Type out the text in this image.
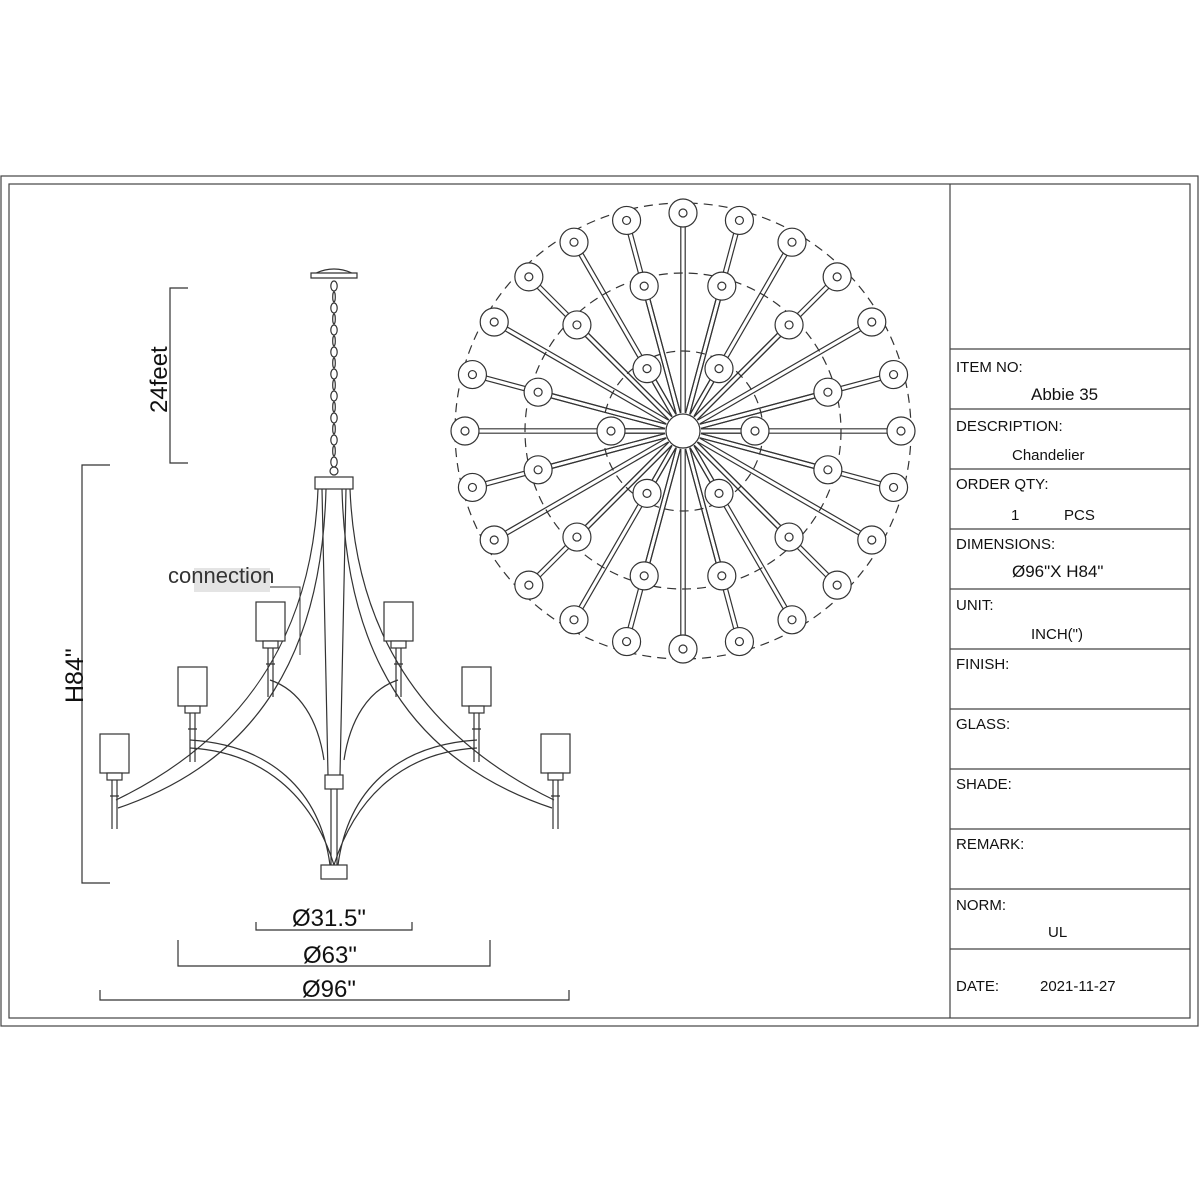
ITEM NO:
Abbie 35
DESCRIPTION:
Chandelier
ORDER QTY:
1	PCS
DIMENSIONS:
Ø96"X H84"
UNIT:
INCH(")
FINISH:
GLASS:
SHADE:
REMARK:
NORM:
UL
DATE:	2021-11-27
connection
24feet
H84"
Ø31.5"
Ø63"
Ø96"
